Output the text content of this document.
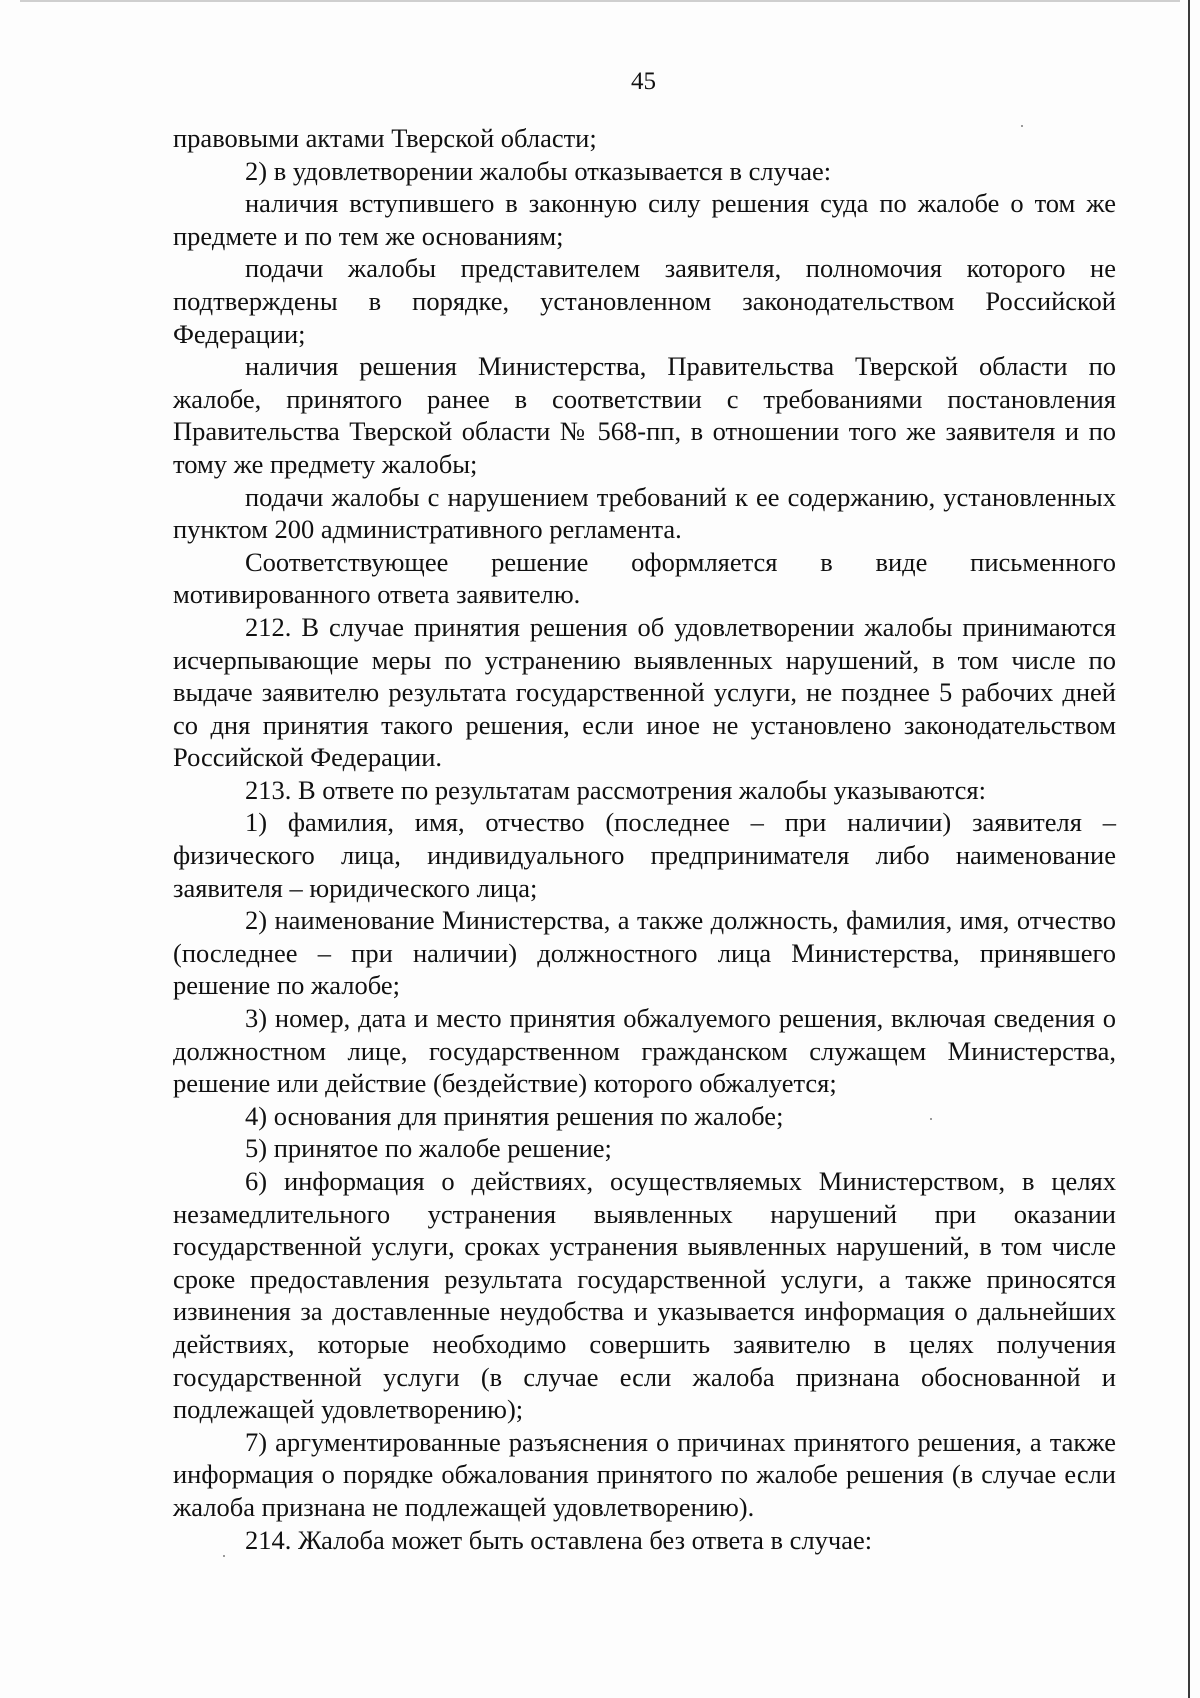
45

правовыми актами Тверской области;

2) в удовлетворении жалобы отказывается в случае:

наличия вступившего в законную силу решения суда по жалобе о том же предмете и по тем же основаниям;

подачи жалобы представителем заявителя, полномочия которого не подтверждены в порядке, установленном законодательством Российской Федерации;

наличия решения Министерства, Правительства Тверской области по жалобе, принятого ранее в соответствии с требованиями постановления Правительства Тверской области № 568-пп, в отношении того же заявителя и по тому же предмету жалобы;

подачи жалобы с нарушением требований к ее содержанию, установленных пунктом 200 административного регламента.

Соответствующее решение оформляется в виде письменного мотивированного ответа заявителю.

212. В случае принятия решения об удовлетворении жалобы принимаются исчерпывающие меры по устранению выявленных нарушений, в том числе по выдаче заявителю результата государственной услуги, не позднее 5 рабочих дней со дня принятия такого решения, если иное не установлено законодательством Российской Федерации.

213. В ответе по результатам рассмотрения жалобы указываются:

1) фамилия, имя, отчество (последнее – при наличии) заявителя – физического лица, индивидуального предпринимателя либо наименование заявителя – юридического лица;

2) наименование Министерства, а также должность, фамилия, имя, отчество (последнее – при наличии) должностного лица Министерства, принявшего решение по жалобе;

3) номер, дата и место принятия обжалуемого решения, включая сведения о должностном лице, государственном гражданском служащем Министерства, решение или действие (бездействие) которого обжалуется;

4) основания для принятия решения по жалобе;

5) принятое по жалобе решение;

6) информация о действиях, осуществляемых Министерством, в целях незамедлительного устранения выявленных нарушений при оказании государственной услуги, сроках устранения выявленных нарушений, в том числе сроке предоставления результата государственной услуги, а также приносятся извинения за доставленные неудобства и указывается информация о дальнейших действиях, которые необходимо совершить заявителю в целях получения государственной услуги (в случае если жалоба признана обоснованной и подлежащей удовлетворению);

7) аргументированные разъяснения о причинах принятого решения, а также информация о порядке обжалования принятого по жалобе решения (в случае если жалоба признана не подлежащей удовлетворению).

214. Жалоба может быть оставлена без ответа в случае:
